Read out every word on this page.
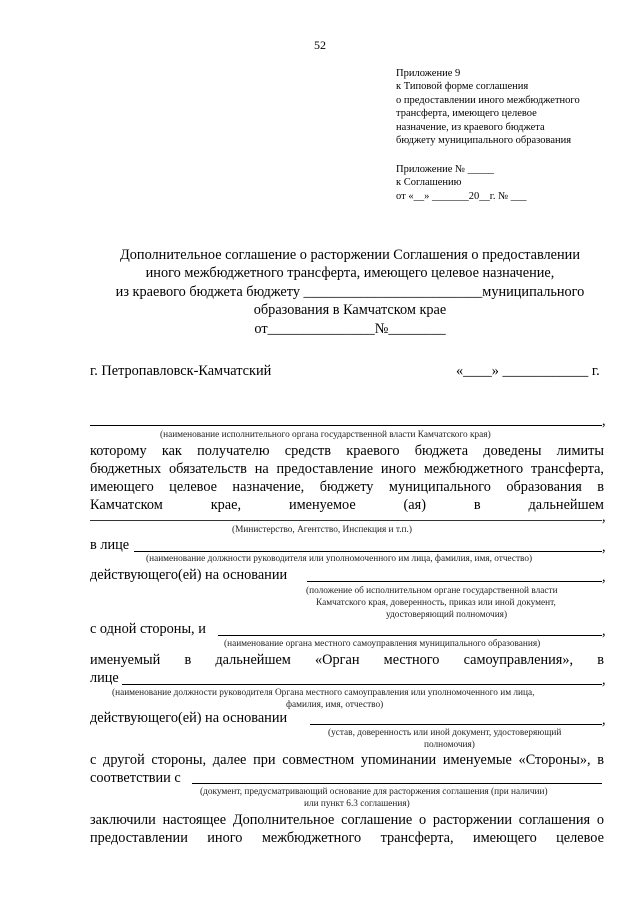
52
Приложение 9
к Типовой форме соглашения
о предоставлении иного межбюджетного
трансферта, имеющего целевое
назначение, из краевого бюджета
бюджету муниципального образования
Приложение № _____
к Соглашению
от «__» _______20__г. № ___
Дополнительное соглашение о расторжении Соглашения о предоставлении
иного межбюджетного трансферта, имеющего целевое назначение,
из краевого бюджета бюджету _________________________муниципального
образования в Камчатском крае
от_______________№________
г. Петропавловск-Камчатский	«____» ____________ г.
,
(наименование исполнительного органа государственной власти Камчатского края)
которому как получателю средств краевого бюджета доведены лимиты
бюджетных обязательств на предоставление иного межбюджетного трансферта,
имеющего целевое назначение, бюджету муниципального образования в
Камчатском	крае,	именуемое	(ая)	в	дальнейшем
,
(Министерство, Агентство, Инспекция и т.п.)
в лице	,
(наименование должности руководителя или уполномоченного им лица, фамилия, имя, отчество)
действующего(ей) на основании	,
(положение об исполнительном органе государственной власти
Камчатского края, доверенность, приказ или иной документ,
удостоверяющий полномочия)
с одной стороны, и	,
(наименование органа местного самоуправления муниципального образования)
именуемый в дальнейшем «Орган местного самоуправления», в
лице	,
(наименование должности руководителя Органа местного самоуправления или уполномоченного им лица,
фамилия, имя, отчество)
действующего(ей) на основании	,
(устав, доверенность или иной документ, удостоверяющий
полномочия)
с другой стороны, далее при совместном упоминании именуемые «Стороны», в
соответствии с
(документ, предусматривающий основание для расторжения соглашения (при наличии)
или пункт 6.3 соглашения)
заключили настоящее Дополнительное соглашение о расторжении соглашения о
предоставлении иного межбюджетного трансферта, имеющего целевое
